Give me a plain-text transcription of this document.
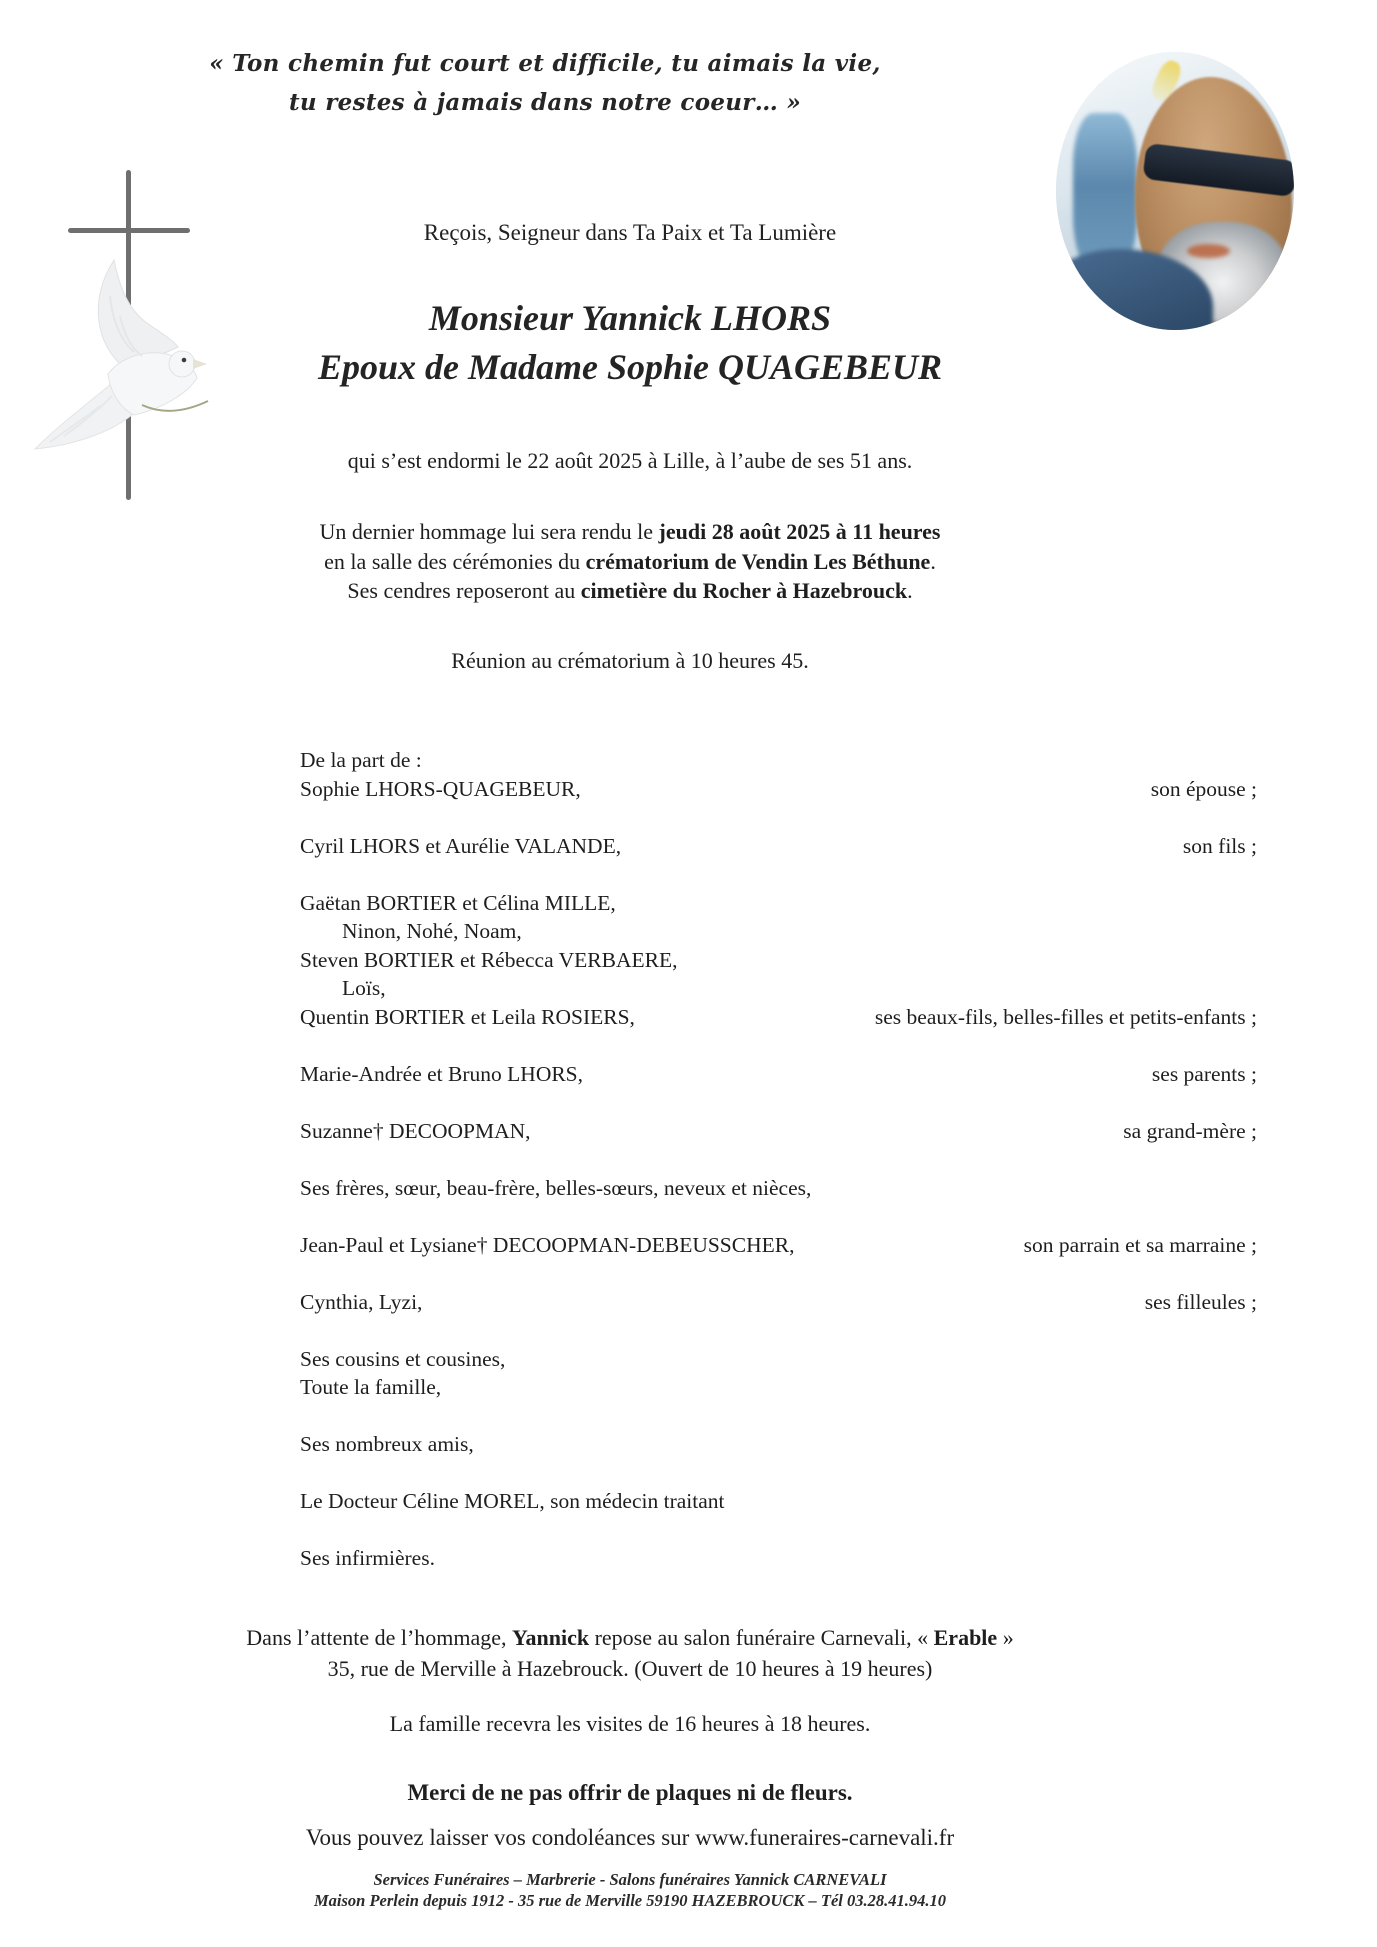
« Ton chemin fut court et difficile, tu aimais la vie,
tu restes à jamais dans notre coeur… »
Reçois, Seigneur dans Ta Paix et Ta Lumière
Monsieur Yannick LHORS
Epoux de Madame Sophie QUAGEBEUR
qui s’est endormi le 22 août 2025 à Lille, à l’aube de ses 51 ans.
Un dernier hommage lui sera rendu le jeudi 28 août 2025 à 11 heures
en la salle des cérémonies du crématorium de Vendin Les Béthune.
Ses cendres reposeront au cimetière du Rocher à Hazebrouck.
Réunion au crématorium à 10 heures 45.
De la part de :
Sophie LHORS-QUAGEBEUR,	son épouse ;
Cyril LHORS et Aurélie VALANDE,	son fils ;
Gaëtan BORTIER et Célina MILLE,
Ninon, Nohé, Noam,
Steven BORTIER et Rébecca VERBAERE,
Loïs,
Quentin BORTIER et Leila ROSIERS,	ses beaux-fils, belles-filles et petits-enfants ;
Marie-Andrée et Bruno LHORS,	ses parents ;
Suzanne† DECOOPMAN,	sa grand-mère ;
Ses frères, sœur, beau-frère, belles-sœurs, neveux et nièces,
Jean-Paul et Lysiane† DECOOPMAN-DEBEUSSCHER,	son parrain et sa marraine ;
Cynthia, Lyzi,	ses filleules ;
Ses cousins et cousines,
Toute la famille,
Ses nombreux amis,
Le Docteur Céline MOREL, son médecin traitant
Ses infirmières.
Dans l’attente de l’hommage, Yannick repose au salon funéraire Carnevali, « Erable »
35, rue de Merville à Hazebrouck. (Ouvert de 10 heures à 19 heures)
La famille recevra les visites de 16 heures à 18 heures.
Merci de ne pas offrir de plaques ni de fleurs.
Vous pouvez laisser vos condoléances sur www.funeraires-carnevali.fr
Services Funéraires – Marbrerie - Salons funéraires Yannick CARNEVALI
Maison Perlein depuis 1912 - 35 rue de Merville 59190 HAZEBROUCK – Tél 03.28.41.94.10
